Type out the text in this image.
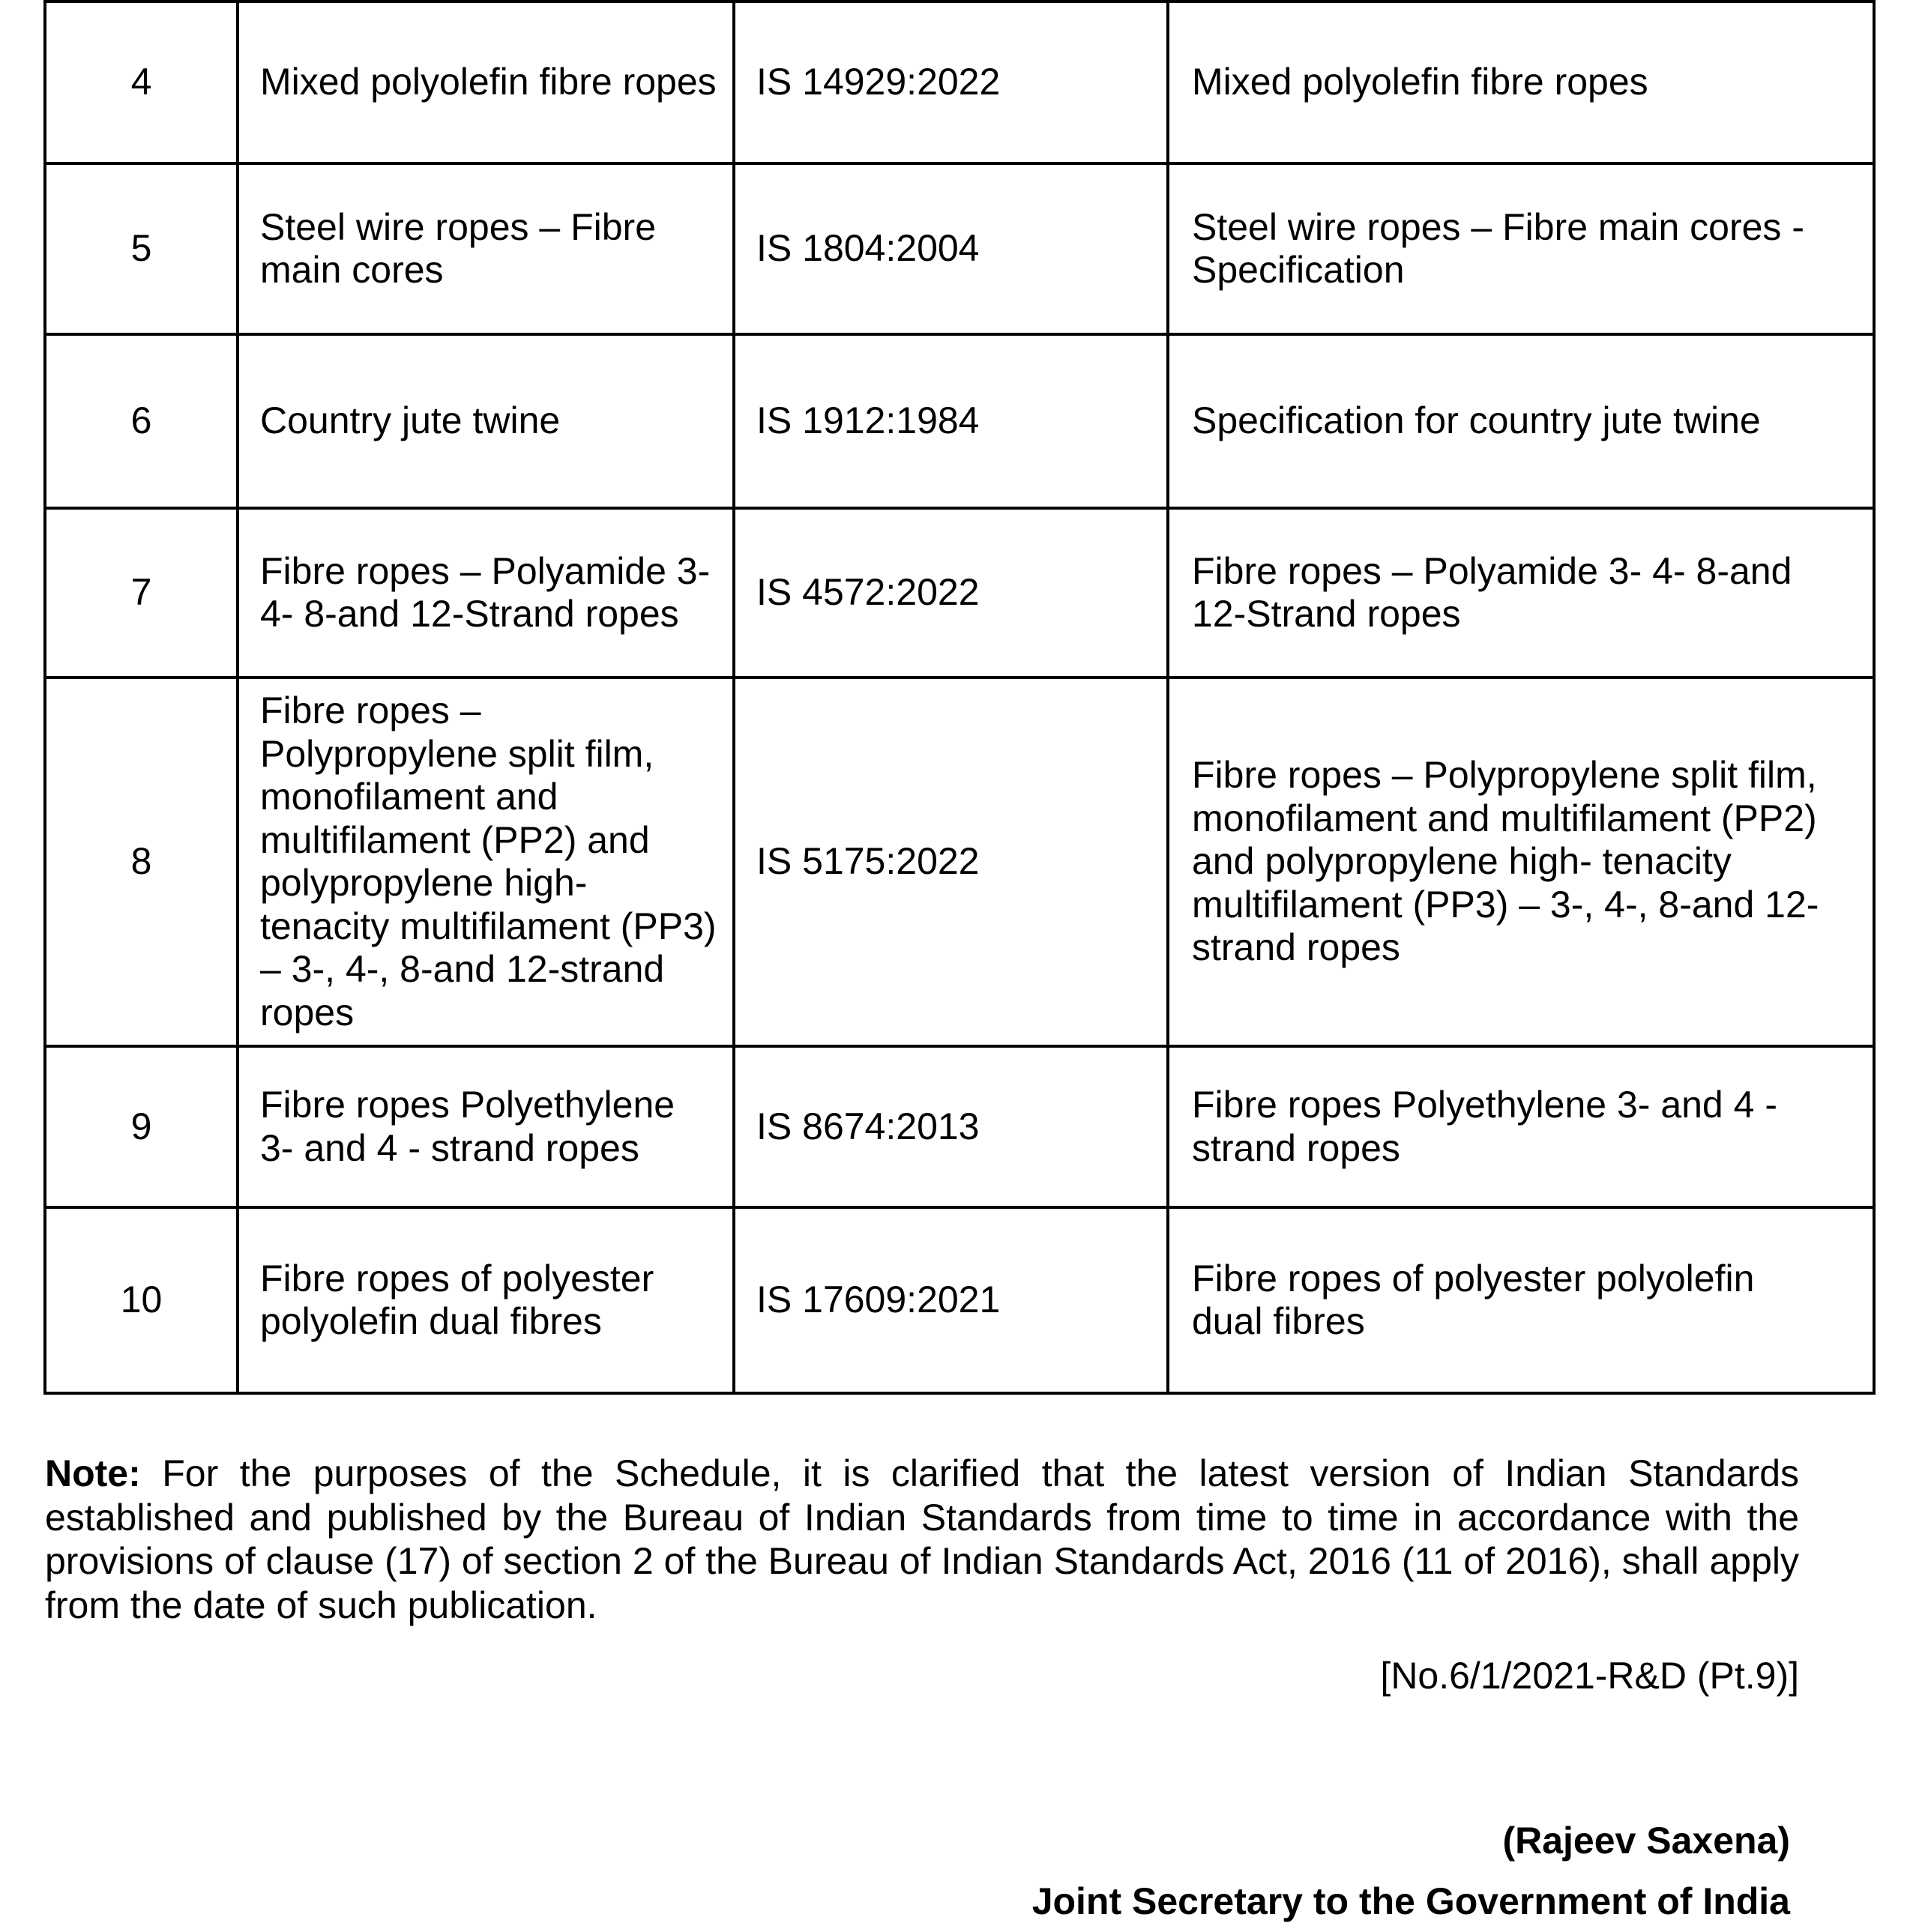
4	Mixed polyolefin fibre ropes	IS 14929:2022	Mixed polyolefin fibre ropes
5	Steel wire ropes – Fibre main cores	IS 1804:2004	Steel wire ropes – Fibre main cores - Specification
6	Country jute twine	IS 1912:1984	Specification for country jute twine
7	Fibre ropes – Polyamide 3- 4- 8-and 12-Strand ropes	IS 4572:2022	Fibre ropes – Polyamide 3- 4- 8-and 12-Strand ropes
8	Fibre ropes – Polypropylene split film, monofilament and multifilament (PP2) and polypropylene high- tenacity multifilament (PP3) – 3-, 4-, 8-and 12-strand ropes	IS 5175:2022	Fibre ropes – Polypropylene split film, monofilament and multifilament (PP2) and polypropylene high- tenacity multifilament (PP3) – 3-, 4-, 8-and 12-strand ropes
9	Fibre ropes Polyethylene 3- and 4 - strand ropes	IS 8674:2013	Fibre ropes Polyethylene 3- and 4 -strand ropes
10	Fibre ropes of polyester polyolefin dual fibres	IS 17609:2021	Fibre ropes of polyester polyolefin dual fibres

Note: For the purposes of the Schedule, it is clarified that the latest version of Indian Standards established and published by the Bureau of Indian Standards from time to time in accordance with the provisions of clause (17) of section 2 of the Bureau of Indian Standards Act, 2016 (11 of 2016), shall apply from the date of such publication.

[No.6/1/2021-R&D (Pt.9)]
(Rajeev Saxena)
Joint Secretary to the Government of India
